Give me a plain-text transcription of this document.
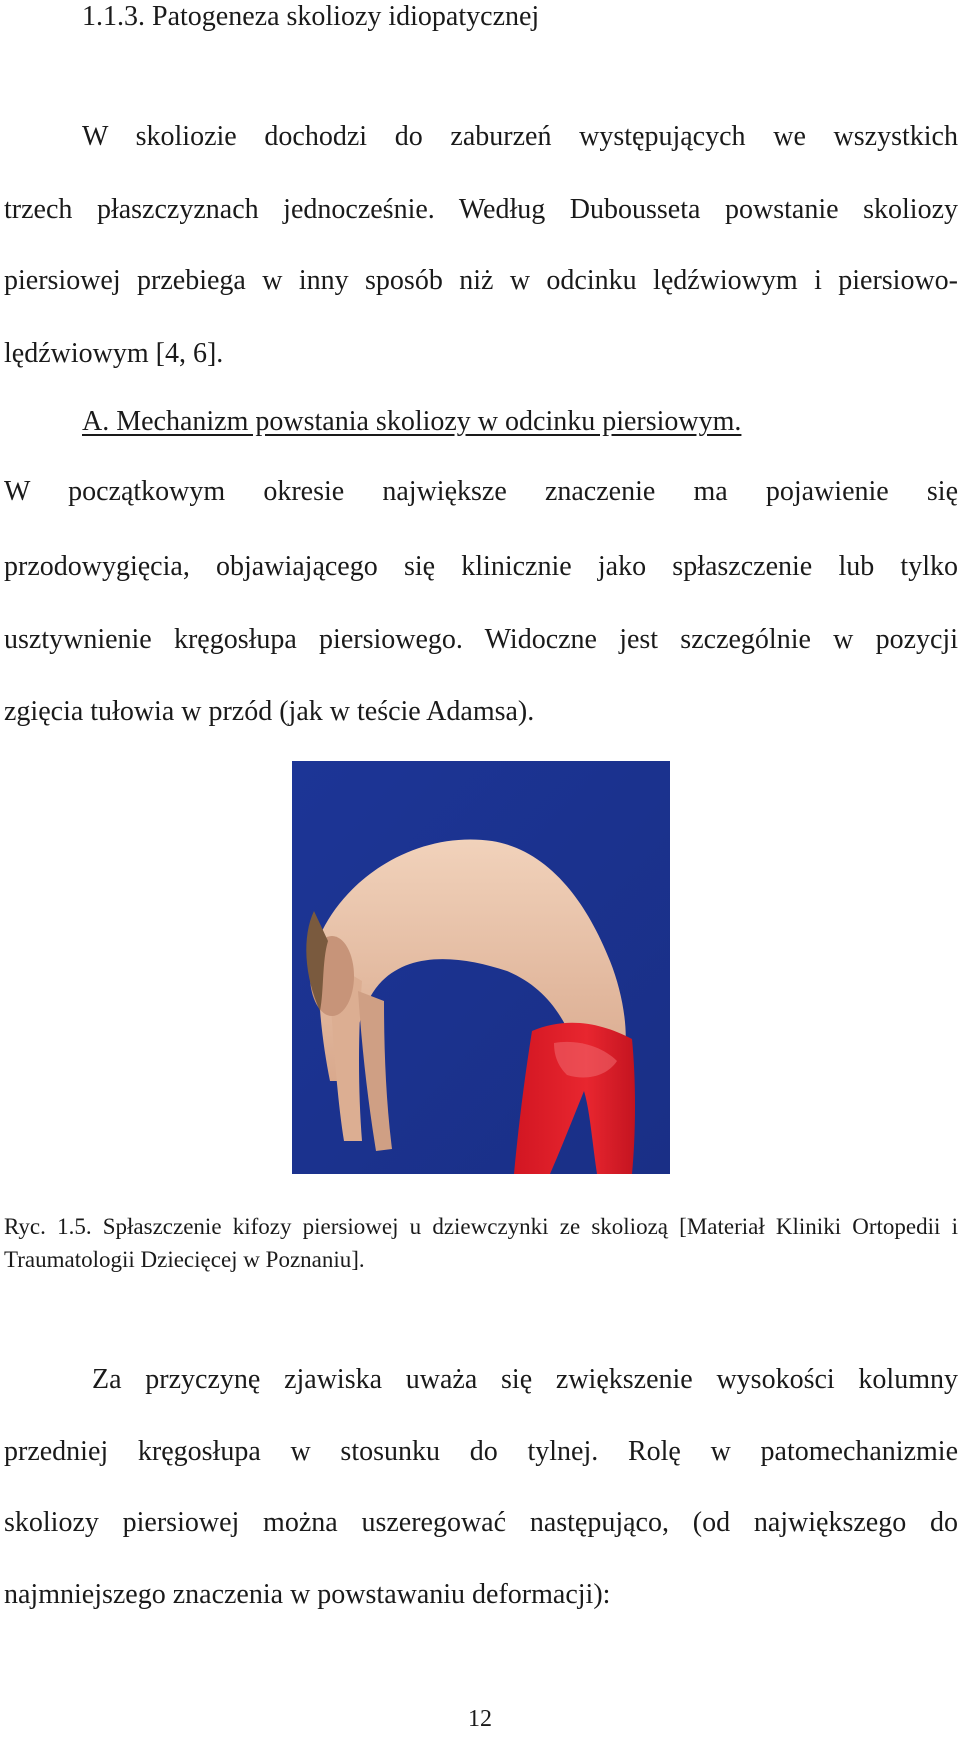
1.1.3. Patogeneza skoliozy idiopatycznej
W skoliozie dochodzi do zaburzeń występujących we wszystkich
trzech płaszczyznach jednocześnie. Według Dubousseta powstanie skoliozy
piersiowej przebiega w inny sposób niż w odcinku lędźwiowym i piersiowo-
lędźwiowym [4, 6].
A. Mechanizm powstania skoliozy w odcinku piersiowym.
W początkowym okresie największe znaczenie ma pojawienie się
przodowygięcia, objawiającego się klinicznie jako spłaszczenie lub tylko
usztywnienie kręgosłupa piersiowego. Widoczne jest szczególnie w pozycji
zgięcia tułowia w przód (jak w teście Adamsa).
Ryc. 1.5. Spłaszczenie kifozy piersiowej u dziewczynki ze skoliozą [Materiał Kliniki Ortopedii i Traumatologii Dziecięcej w Poznaniu].
Za przyczynę zjawiska uważa się zwiększenie wysokości kolumny
przedniej kręgosłupa w stosunku do tylnej. Rolę w patomechanizmie
skoliozy piersiowej można uszeregować następująco, (od największego do
najmniejszego znaczenia w powstawaniu deformacji):
12
